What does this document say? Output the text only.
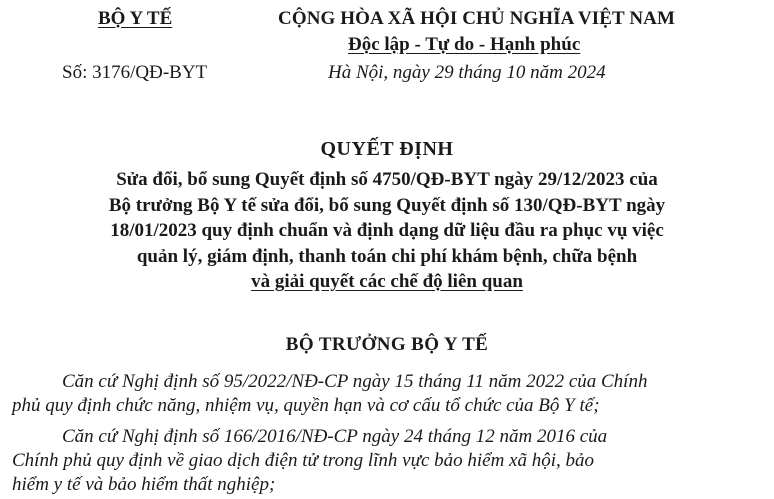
BỘ Y TẾ	CỘNG HÒA XÃ HỘI CHỦ NGHĨA VIỆT NAM
Độc lập - Tự do - Hạnh phúc
Số: 3176/QĐ-BYT	Hà Nội, ngày 29 tháng 10 năm 2024
QUYẾT ĐỊNH
Sửa đổi, bổ sung Quyết định số 4750/QĐ-BYT ngày 29/12/2023 của
Bộ trưởng Bộ Y tế sửa đổi, bổ sung Quyết định số 130/QĐ-BYT ngày
18/01/2023 quy định chuẩn và định dạng dữ liệu đầu ra phục vụ việc
quản lý, giám định, thanh toán chi phí khám bệnh, chữa bệnh
và giải quyết các chế độ liên quan
BỘ TRƯỞNG BỘ Y TẾ
Căn cứ Nghị định số 95/2022/NĐ-CP ngày 15 tháng 11 năm 2022 của Chính
phủ quy định chức năng, nhiệm vụ, quyền hạn và cơ cấu tổ chức của Bộ Y tế;
Căn cứ Nghị định số 166/2016/NĐ-CP ngày 24 tháng 12 năm 2016 của
Chính phủ quy định về giao dịch điện tử trong lĩnh vực bảo hiểm xã hội, bảo
hiểm y tế và bảo hiểm thất nghiệp;
